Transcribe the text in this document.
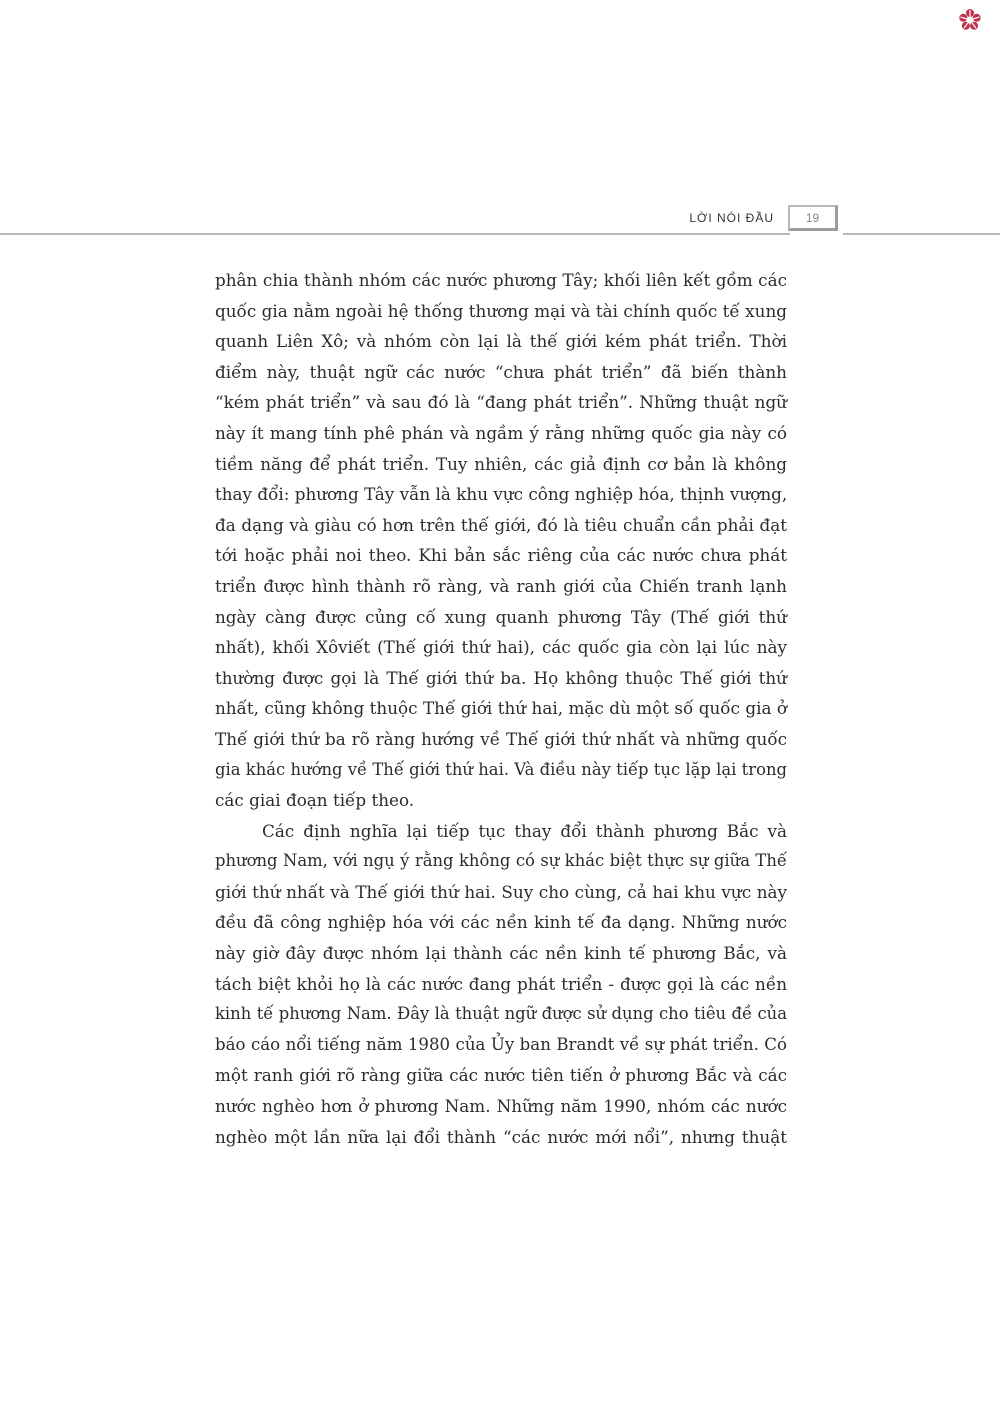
LỜI NÓI ĐẦU	19
phân chia thành nhóm các nước phương Tây; khối liên kết gồm các
quốc gia nằm ngoài hệ thống thương mại và tài chính quốc tế xung
quanh Liên Xô; và nhóm còn lại là thế giới kém phát triển. Thời
điểm này, thuật ngữ các nước “chưa phát triển” đã biến thành
“kém phát triển” và sau đó là “đang phát triển”. Những thuật ngữ
này ít mang tính phê phán và ngầm ý rằng những quốc gia này có
tiềm năng để phát triển. Tuy nhiên, các giả định cơ bản là không
thay đổi: phương Tây vẫn là khu vực công nghiệp hóa, thịnh vượng,
đa dạng và giàu có hơn trên thế giới, đó là tiêu chuẩn cần phải đạt
tới hoặc phải noi theo. Khi bản sắc riêng của các nước chưa phát
triển được hình thành rõ ràng, và ranh giới của Chiến tranh lạnh
ngày càng được củng cố xung quanh phương Tây (Thế giới thứ
nhất), khối Xôviết (Thế giới thứ hai), các quốc gia còn lại lúc này
thường được gọi là Thế giới thứ ba. Họ không thuộc Thế giới thứ
nhất, cũng không thuộc Thế giới thứ hai, mặc dù một số quốc gia ở
Thế giới thứ ba rõ ràng hướng về Thế giới thứ nhất và những quốc
gia khác hướng về Thế giới thứ hai. Và điều này tiếp tục lặp lại trong
các giai đoạn tiếp theo.
Các định nghĩa lại tiếp tục thay đổi thành phương Bắc và
phương Nam, với ngụ ý rằng không có sự khác biệt thực sự giữa Thế
giới thứ nhất và Thế giới thứ hai. Suy cho cùng, cả hai khu vực này
đều đã công nghiệp hóa với các nền kinh tế đa dạng. Những nước
này giờ đây được nhóm lại thành các nền kinh tế phương Bắc, và
tách biệt khỏi họ là các nước đang phát triển - được gọi là các nền
kinh tế phương Nam. Đây là thuật ngữ được sử dụng cho tiêu đề của
báo cáo nổi tiếng năm 1980 của Ủy ban Brandt về sự phát triển. Có
một ranh giới rõ ràng giữa các nước tiên tiến ở phương Bắc và các
nước nghèo hơn ở phương Nam. Những năm 1990, nhóm các nước
nghèo một lần nữa lại đổi thành “các nước mới nổi”, nhưng thuật
